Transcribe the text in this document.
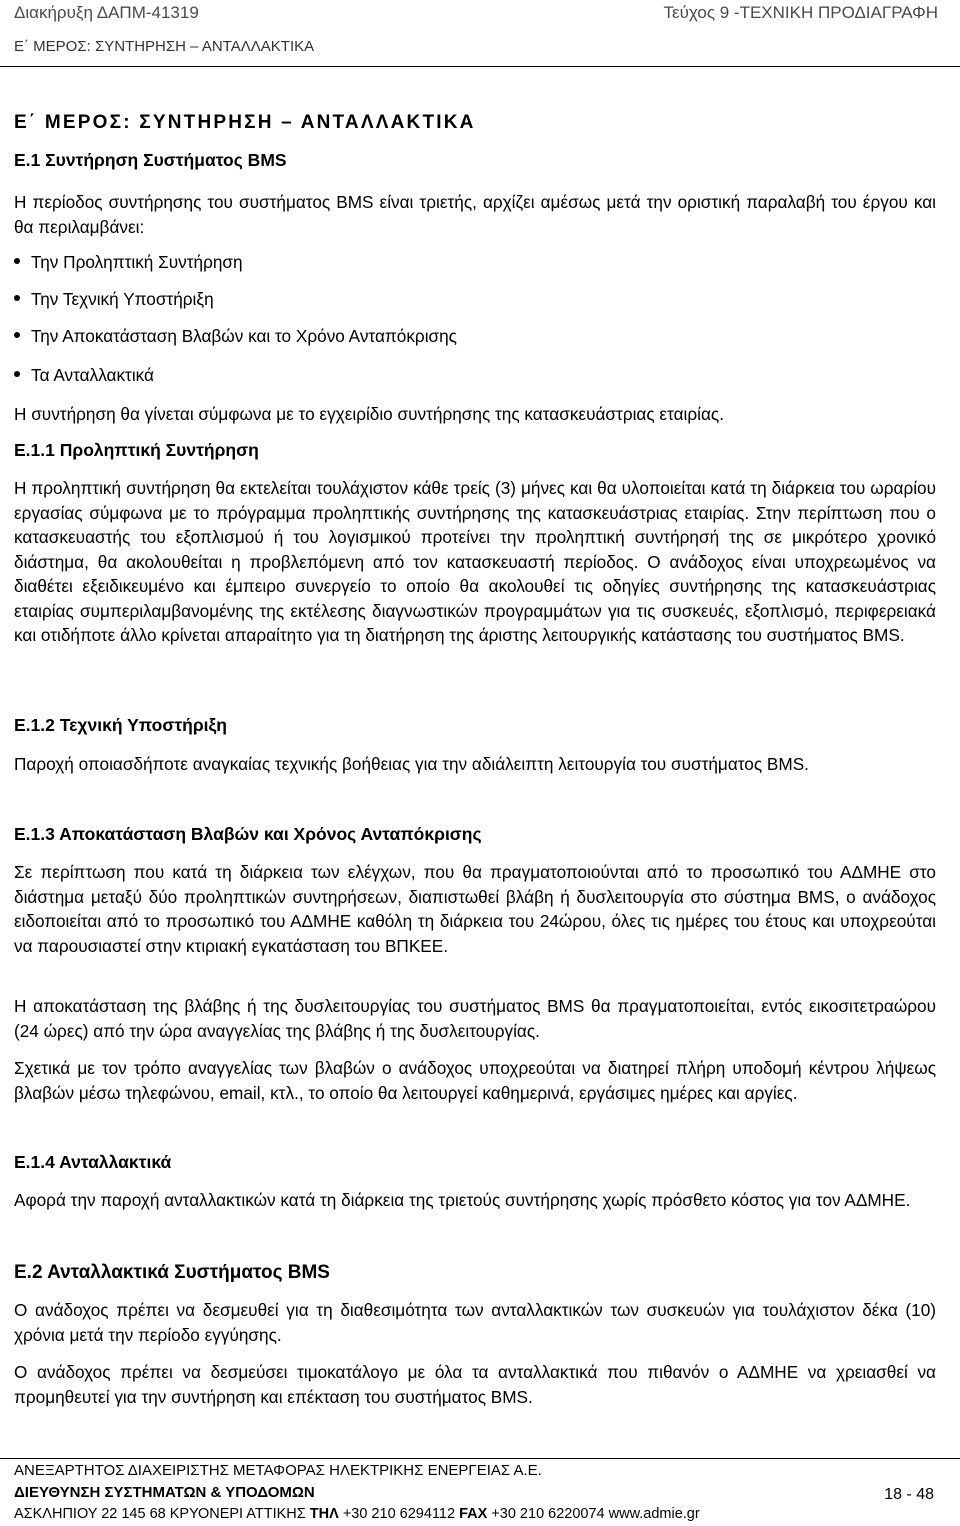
Διακήρυξη ΔΑΠΜ-41319	Τεύχος 9 -ΤΕΧΝΙΚΗ ΠΡΟΔΙΑΓΡΑΦΗ
Ε΄ ΜΕΡΟΣ: ΣΥΝΤΗΡΗΣΗ – ΑΝΤΑΛΛΑΚΤΙΚΑ
Ε΄ ΜΕΡΟΣ: ΣΥΝΤΗΡΗΣΗ – ΑΝΤΑΛΛΑΚΤΙΚΑ
Ε.1 Συντήρηση Συστήματος BMS
Η περίοδος συντήρησης του συστήματος BMS είναι τριετής, αρχίζει αμέσως μετά την οριστική παραλαβή του έργου και θα περιλαμβάνει:
Την Προληπτική Συντήρηση
Την Τεχνική Υποστήριξη
Την Αποκατάσταση Βλαβών και το Χρόνο Ανταπόκρισης
Τα Ανταλλακτικά
Η συντήρηση θα γίνεται σύμφωνα με το εγχειρίδιο συντήρησης της κατασκευάστριας εταιρίας.
Ε.1.1 Προληπτική Συντήρηση
Η προληπτική συντήρηση θα εκτελείται τουλάχιστον κάθε τρείς (3) μήνες και θα υλοποιείται κατά τη διάρκεια του ωραρίου εργασίας σύμφωνα με το πρόγραμμα προληπτικής συντήρησης της κατασκευάστριας εταιρίας. Στην περίπτωση που ο κατασκευαστής του εξοπλισμού ή του λογισμικού προτείνει την προληπτική συντήρησή της σε μικρότερο χρονικό διάστημα, θα ακολουθείται η προβλεπόμενη από τον κατασκευαστή περίοδος. Ο ανάδοχος είναι υποχρεωμένος να διαθέτει εξειδικευμένο και έμπειρο συνεργείο το οποίο θα ακολουθεί τις οδηγίες συντήρησης της κατασκευάστριας εταιρίας συμπεριλαμβανομένης της εκτέλεσης διαγνωστικών προγραμμάτων για τις συσκευές, εξοπλισμό, περιφερειακά και οτιδήποτε άλλο κρίνεται απαραίτητο για τη διατήρηση της άριστης λειτουργικής κατάστασης του συστήματος BMS.
Ε.1.2 Τεχνική Υποστήριξη
Παροχή οποιασδήποτε αναγκαίας τεχνικής βοήθειας για την αδιάλειπτη λειτουργία του συστήματος BMS.
Ε.1.3 Αποκατάσταση Βλαβών και Χρόνος Ανταπόκρισης
Σε περίπτωση που κατά τη διάρκεια των ελέγχων, που θα πραγματοποιούνται από το προσωπικό του ΑΔΜΗΕ στο διάστημα μεταξύ δύο προληπτικών συντηρήσεων, διαπιστωθεί βλάβη ή δυσλειτουργία στο σύστημα BMS, ο ανάδοχος ειδοποιείται από το προσωπικό του ΑΔΜΗΕ καθόλη τη διάρκεια του 24ώρου, όλες τις ημέρες του έτους και υποχρεούται να παρουσιαστεί στην κτιριακή εγκατάσταση του ΒΠΚΕΕ.
Η αποκατάσταση της βλάβης ή της δυσλειτουργίας του συστήματος BMS θα πραγματοποιείται, εντός εικοσιτετραώρου (24 ώρες) από την ώρα αναγγελίας της βλάβης ή της δυσλειτουργίας.
Σχετικά με τον τρόπο αναγγελίας των βλαβών ο ανάδοχος υποχρεούται να διατηρεί πλήρη υποδομή κέντρου λήψεως βλαβών μέσω τηλεφώνου, email, κτλ., το οποίο θα λειτουργεί καθημερινά, εργάσιμες ημέρες και αργίες.
Ε.1.4 Ανταλλακτικά
Αφορά την παροχή ανταλλακτικών κατά τη διάρκεια της τριετούς συντήρησης χωρίς πρόσθετο κόστος για τον ΑΔΜΗΕ.
Ε.2 Ανταλλακτικά Συστήματος BMS
Ο ανάδοχος πρέπει να δεσμευθεί για τη διαθεσιμότητα των ανταλλακτικών των συσκευών για τουλάχιστον δέκα (10) χρόνια μετά την περίοδο εγγύησης.
Ο ανάδοχος πρέπει να δεσμεύσει τιμοκατάλογο με όλα τα ανταλλακτικά που πιθανόν ο ΑΔΜΗΕ να χρειασθεί να προμηθευτεί για την συντήρηση και επέκταση του συστήματος BMS.
ΑΝΕΞΑΡΤΗΤΟΣ ΔΙΑΧΕΙΡΙΣΤΗΣ ΜΕΤΑΦΟΡΑΣ ΗΛΕΚΤΡΙΚΗΣ ΕΝΕΡΓΕΙΑΣ Α.Ε.
ΔΙΕΥΘΥΝΣΗ ΣΥΣΤΗΜΑΤΩΝ & ΥΠΟΔΟΜΩΝ
ΑΣΚΛΗΠΙΟΥ 22 145 68 ΚΡΥΟΝΕΡΙ ΑΤΤΙΚΗΣ ΤΗΛ +30 210 6294112 FAX +30 210 6220074 www.admie.gr
18 - 48
